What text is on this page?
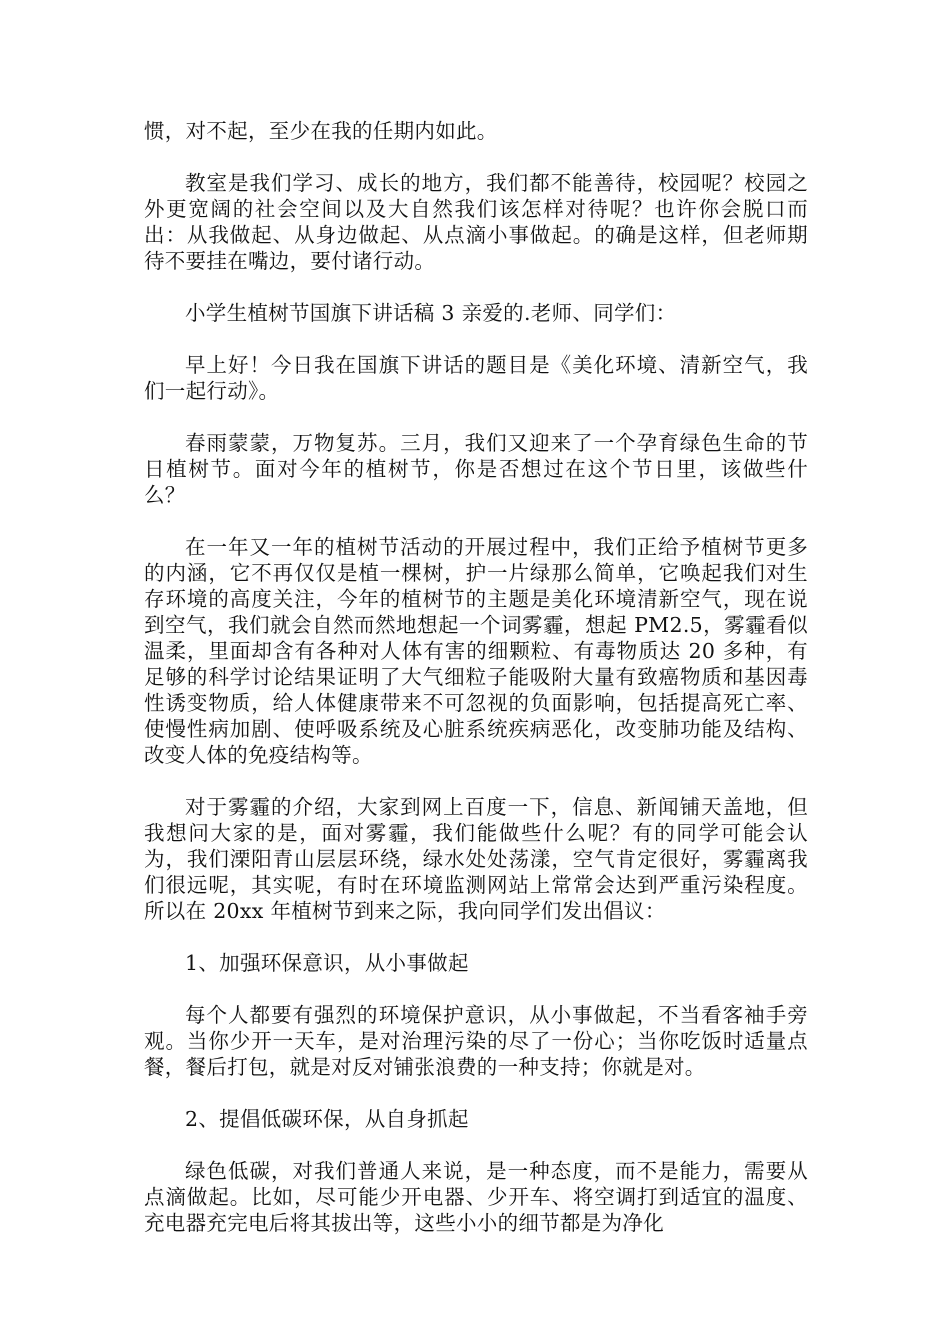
惯，对不起，至少在我的任期内如此。

教室是我们学习、成长的地方，我们都不能善待，校园呢？校园之外更宽阔的社会空间以及大自然我们该怎样对待呢？也许你会脱口而出：从我做起、从身边做起、从点滴小事做起。的确是这样，但老师期待不要挂在嘴边，要付诸行动。

小学生植树节国旗下讲话稿 3 亲爱的.老师、同学们：

早上好！今日我在国旗下讲话的题目是《美化环境、清新空气，我们一起行动》。

春雨蒙蒙，万物复苏。三月，我们又迎来了一个孕育绿色生命的节日植树节。面对今年的植树节，你是否想过在这个节日里，该做些什么？

在一年又一年的植树节活动的开展过程中，我们正给予植树节更多的内涵，它不再仅仅是植一棵树，护一片绿那么简单，它唤起我们对生存环境的高度关注，今年的植树节的主题是美化环境清新空气，现在说到空气，我们就会自然而然地想起一个词雾霾，想起 PM2.5，雾霾看似温柔，里面却含有各种对人体有害的细颗粒、有毒物质达 20 多种，有足够的科学讨论结果证明了大气细粒子能吸附大量有致癌物质和基因毒性诱变物质，给人体健康带来不可忽视的负面影响，包括提高死亡率、使慢性病加剧、使呼吸系统及心脏系统疾病恶化，改变肺功能及结构、改变人体的免疫结构等。

对于雾霾的介绍，大家到网上百度一下，信息、新闻铺天盖地，但我想问大家的是，面对雾霾，我们能做些什么呢？有的同学可能会认为，我们溧阳青山层层环绕，绿水处处荡漾，空气肯定很好，雾霾离我们很远呢，其实呢，有时在环境监测网站上常常会达到严重污染程度。所以在 20xx 年植树节到来之际，我向同学们发出倡议：

1、加强环保意识，从小事做起

每个人都要有强烈的环境保护意识，从小事做起，不当看客袖手旁观。当你少开一天车，是对治理污染的尽了一份心；当你吃饭时适量点餐，餐后打包，就是对反对铺张浪费的一种支持；你就是对。

2、提倡低碳环保，从自身抓起

绿色低碳，对我们普通人来说，是一种态度，而不是能力，需要从点滴做起。比如，尽可能少开电器、少开车、将空调打到适宜的温度、充电器充完电后将其拔出等，这些小小的细节都是为净化
